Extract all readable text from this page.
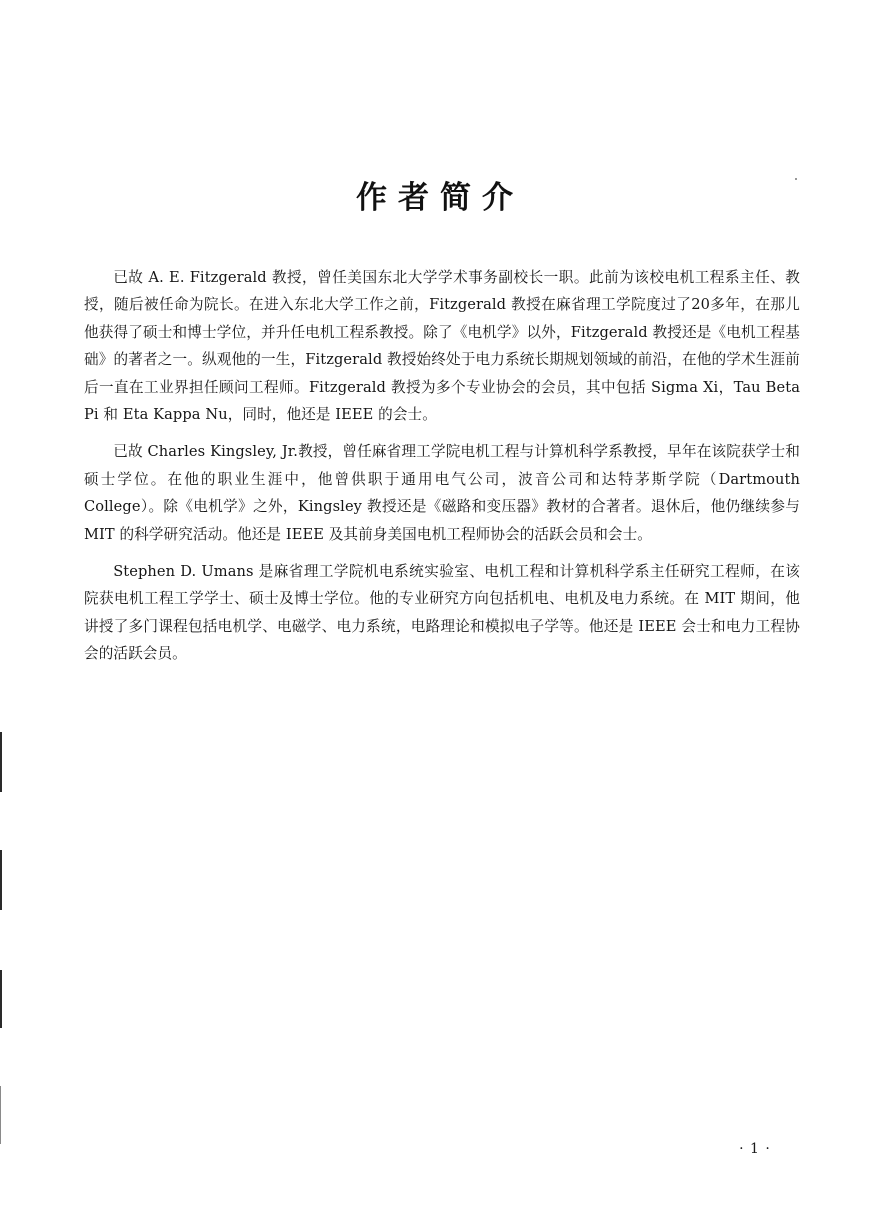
作者简介

已故 A. E. Fitzgerald 教授，曾任美国东北大学学术事务副校长一职。此前为该校电机工程系主任、教授，随后被任命为院长。在进入东北大学工作之前，Fitzgerald 教授在麻省理工学院度过了20多年，在那儿他获得了硕士和博士学位，并升任电机工程系教授。除了《电机学》以外，Fitzgerald 教授还是《电机工程基础》的著者之一。纵观他的一生，Fitzgerald 教授始终处于电力系统长期规划领域的前沿，在他的学术生涯前后一直在工业界担任顾问工程师。Fitzgerald 教授为多个专业协会的会员，其中包括 Sigma Xi，Tau Beta Pi 和 Eta Kappa Nu，同时，他还是 IEEE 的会士。

已故 Charles Kingsley, Jr.教授，曾任麻省理工学院电机工程与计算机科学系教授，早年在该院获学士和硕士学位。在他的职业生涯中，他曾供职于通用电气公司，波音公司和达特茅斯学院（Dartmouth College）。除《电机学》之外，Kingsley 教授还是《磁路和变压器》教材的合著者。退休后，他仍继续参与 MIT 的科学研究活动。他还是 IEEE 及其前身美国电机工程师协会的活跃会员和会士。

Stephen D. Umans 是麻省理工学院机电系统实验室、电机工程和计算机科学系主任研究工程师，在该院获电机工程工学学士、硕士及博士学位。他的专业研究方向包括机电、电机及电力系统。在 MIT 期间，他讲授了多门课程包括电机学、电磁学、电力系统，电路理论和模拟电子学等。他还是 IEEE 会士和电力工程协会的活跃会员。

· 1 ·
